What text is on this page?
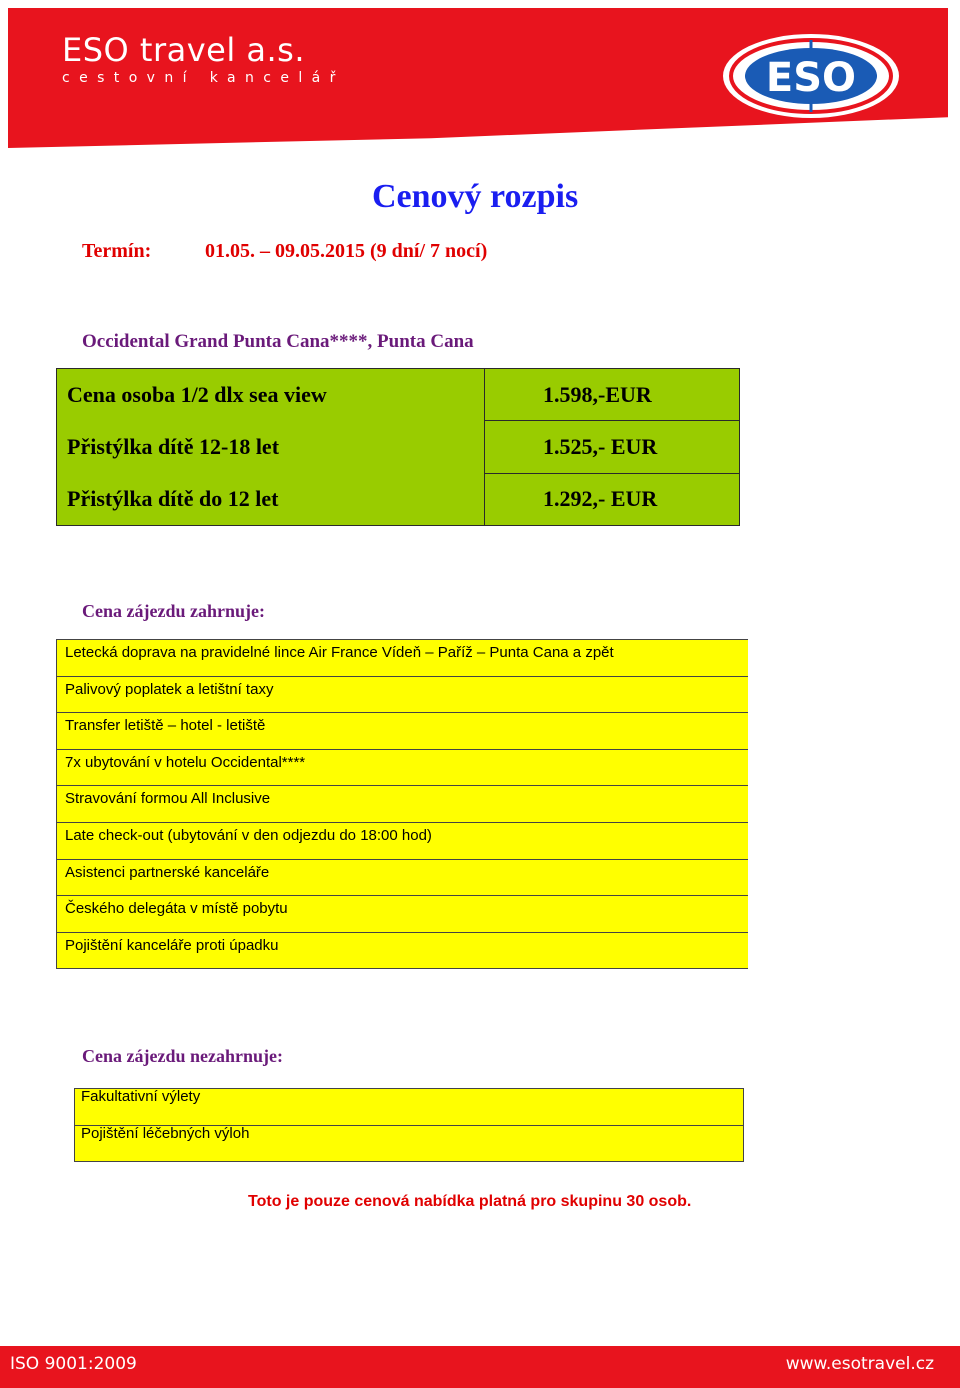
ESO travel a.s.
cestovní kancelář	ESO
Cenový rozpis
Termín:	01.05. – 09.05.2015 (9 dní/ 7 nocí)
Occidental Grand Punta Cana****, Punta Cana
Cena osoba 1/2 dlx sea view	1.598,-EUR
Přistýlka dítě 12-18 let	1.525,- EUR
Přistýlka dítě do 12 let	1.292,- EUR
Cena zájezdu zahrnuje:
Letecká doprava na pravidelné lince Air France Vídeň – Paříž – Punta Cana a zpět
Palivový poplatek a letištní taxy
Transfer letiště – hotel - letiště
7x ubytování v hotelu Occidental****
Stravování formou All Inclusive
Late check-out (ubytování v den odjezdu do 18:00 hod)
Asistenci partnerské kanceláře
Českého delegáta v místě pobytu
Pojištění kanceláře proti úpadku
Cena zájezdu nezahrnuje:
Fakultativní výlety
Pojištění léčebných výloh
Toto je pouze cenová nabídka platná pro skupinu 30 osob.
ISO 9001:2009	www.esotravel.cz
